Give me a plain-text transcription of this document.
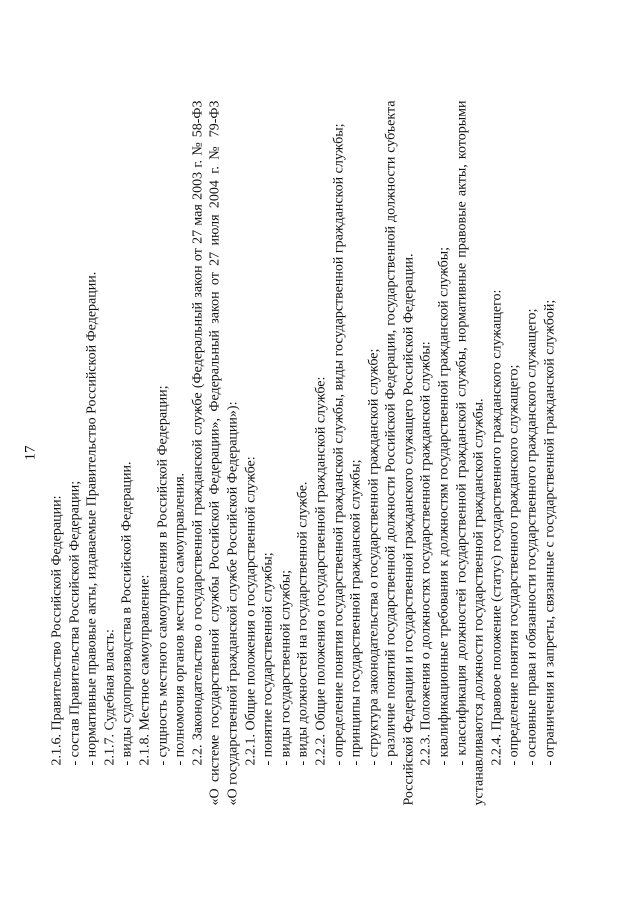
17
2.1.6. Правительство Российской Федерации: - состав Правительства Российской Федерации; - нормативные правовые акты, издаваемые Правительство Российской Федерации. 2.1.7. Судебная власть: - виды судопроизводства в Российской Федерации. 2.1.8. Местное самоуправление: - сущность местного самоуправления в Российской Федерации; - полномочия органов местного самоуправления. 2.2. Законодательство о государственной гражданской службе (Федеральный закон от 27 мая 2003 г. № 58-ФЗ «О системе государственной службы Российской Федерации», Федеральный закон от 27 июля 2004 г. № 79-ФЗ «О государственной гражданской службе Российской Федерации»): 2.2.1. Общие положения о государственной службе: - понятие государственной службы; - виды государственной службы; - виды должностей на государственной службе. 2.2.2. Общие положения о государственной гражданской службе: - определение понятия государственной гражданской службы, виды государственной гражданской службы; - принципы государственной гражданской службы; - структура законодательства о государственной гражданской службе; - различие понятий государственной должности Российской Федерации, государственной должности субъекта Российской Федерации и государственной гражданского служащего Российской Федерации. 2.2.3. Положения о должностях государственной гражданской службы: - квалификационные требования к должностям государственной гражданской службы; - классификация должностей государственной гражданской службы, нормативные правовые акты, которыми устанавливаются должности государственной гражданской службы. 2.2.4. Правовое положение (статус) государственного гражданского служащего: - определение понятия государственного гражданского служащего; - основные права и обязанности государственного гражданского служащего; - ограничения и запреты, связанные с государственной гражданской службой;
